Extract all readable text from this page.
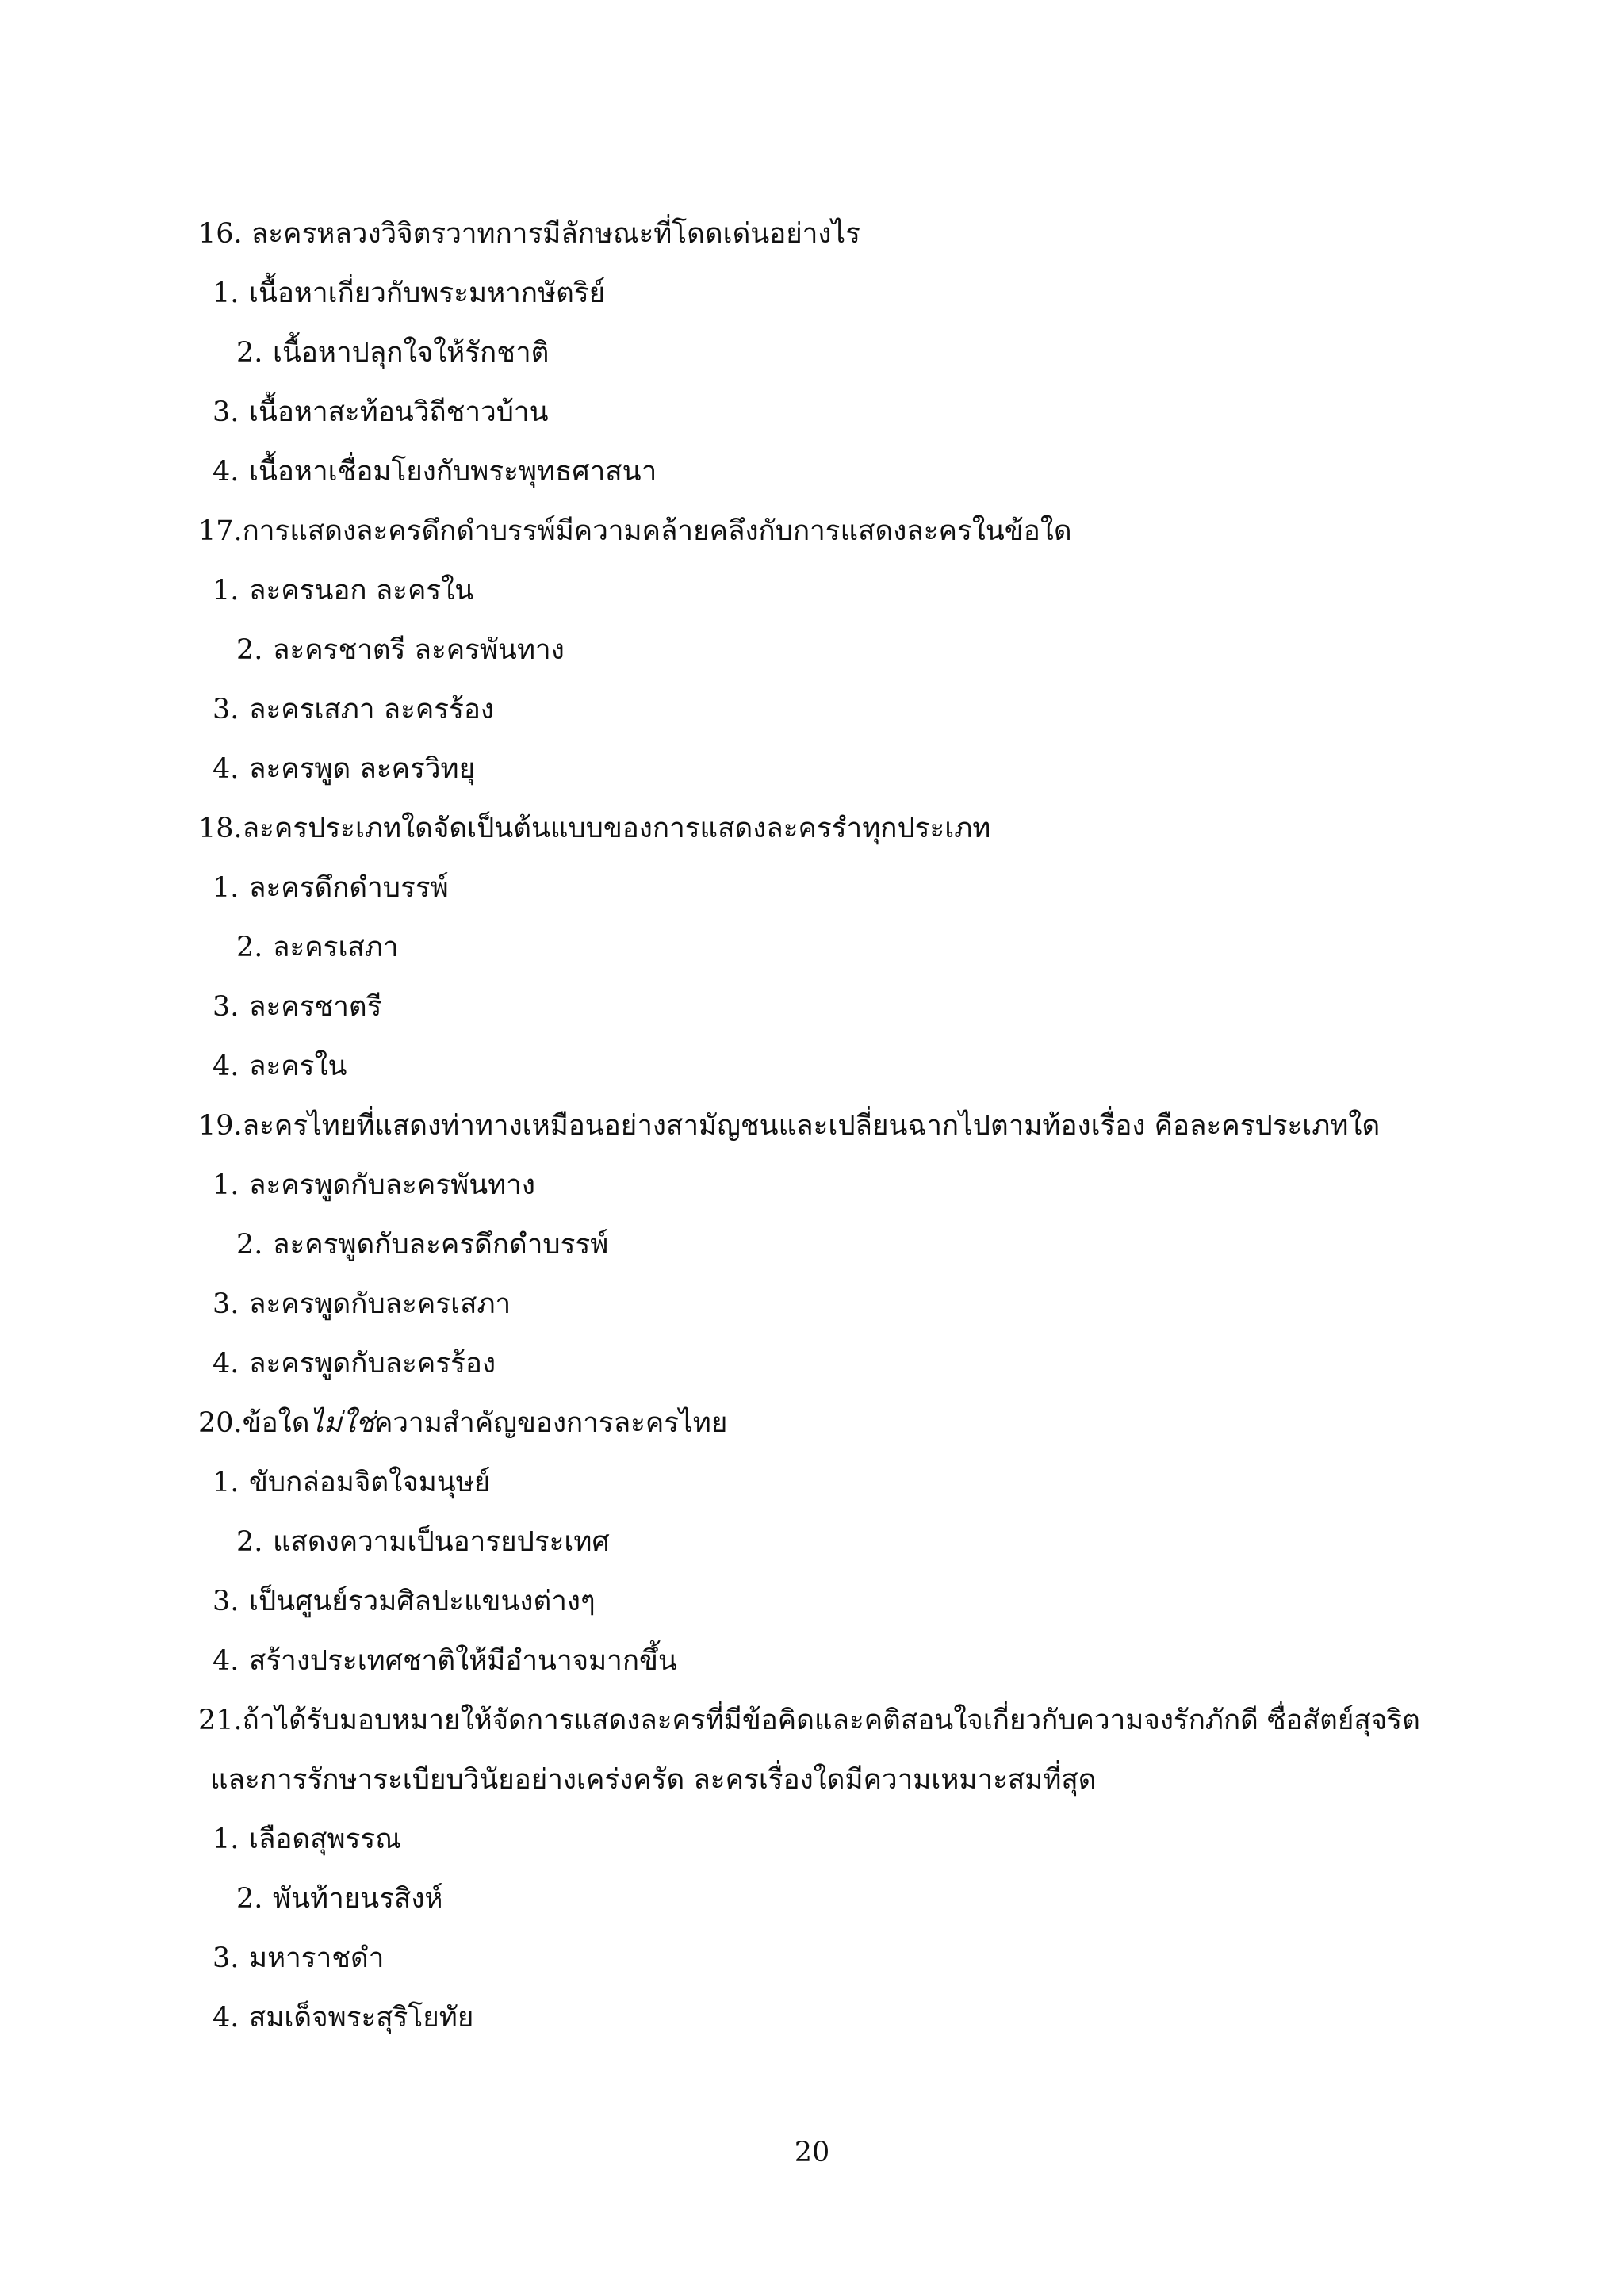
16. ละครหลวงวิจิตรวาทการมีลักษณะที่โดดเด่นอย่างไร
1. เนื้อหาเกี่ยวกับพระมหากษัตริย์
2. เนื้อหาปลุกใจให้รักชาติ
3. เนื้อหาสะท้อนวิถีชาวบ้าน
4. เนื้อหาเชื่อมโยงกับพระพุทธศาสนา
17.การแสดงละครดึกดำบรรพ์มีความคล้ายคลึงกับการแสดงละครในข้อใด
1. ละครนอก ละครใน
2. ละครชาตรี ละครพันทาง
3. ละครเสภา ละครร้อง
4. ละครพูด ละครวิทยุ
18.ละครประเภทใดจัดเป็นต้นแบบของการแสดงละครรำทุกประเภท
1. ละครดึกดำบรรพ์
2. ละครเสภา
3. ละครชาตรี
4. ละครใน
19.ละครไทยที่แสดงท่าทางเหมือนอย่างสามัญชนและเปลี่ยนฉากไปตามท้องเรื่อง คือละครประเภทใด
1. ละครพูดกับละครพันทาง
2. ละครพูดกับละครดึกดำบรรพ์
3. ละครพูดกับละครเสภา
4. ละครพูดกับละครร้อง
20.ข้อใดไม่ใช่ความสำคัญของการละครไทย
1. ขับกล่อมจิตใจมนุษย์
2. แสดงความเป็นอารยประเทศ
3. เป็นศูนย์รวมศิลปะแขนงต่างๆ
4. สร้างประเทศชาติให้มีอำนาจมากขึ้น
21.ถ้าได้รับมอบหมายให้จัดการแสดงละครที่มีข้อคิดและคติสอนใจเกี่ยวกับความจงรักภักดี ซื่อสัตย์สุจริต
และการรักษาระเบียบวินัยอย่างเคร่งครัด ละครเรื่องใดมีความเหมาะสมที่สุด
1. เลือดสุพรรณ
2. พันท้ายนรสิงห์
3. มหาราชดำ
4. สมเด็จพระสุริโยทัย
20
